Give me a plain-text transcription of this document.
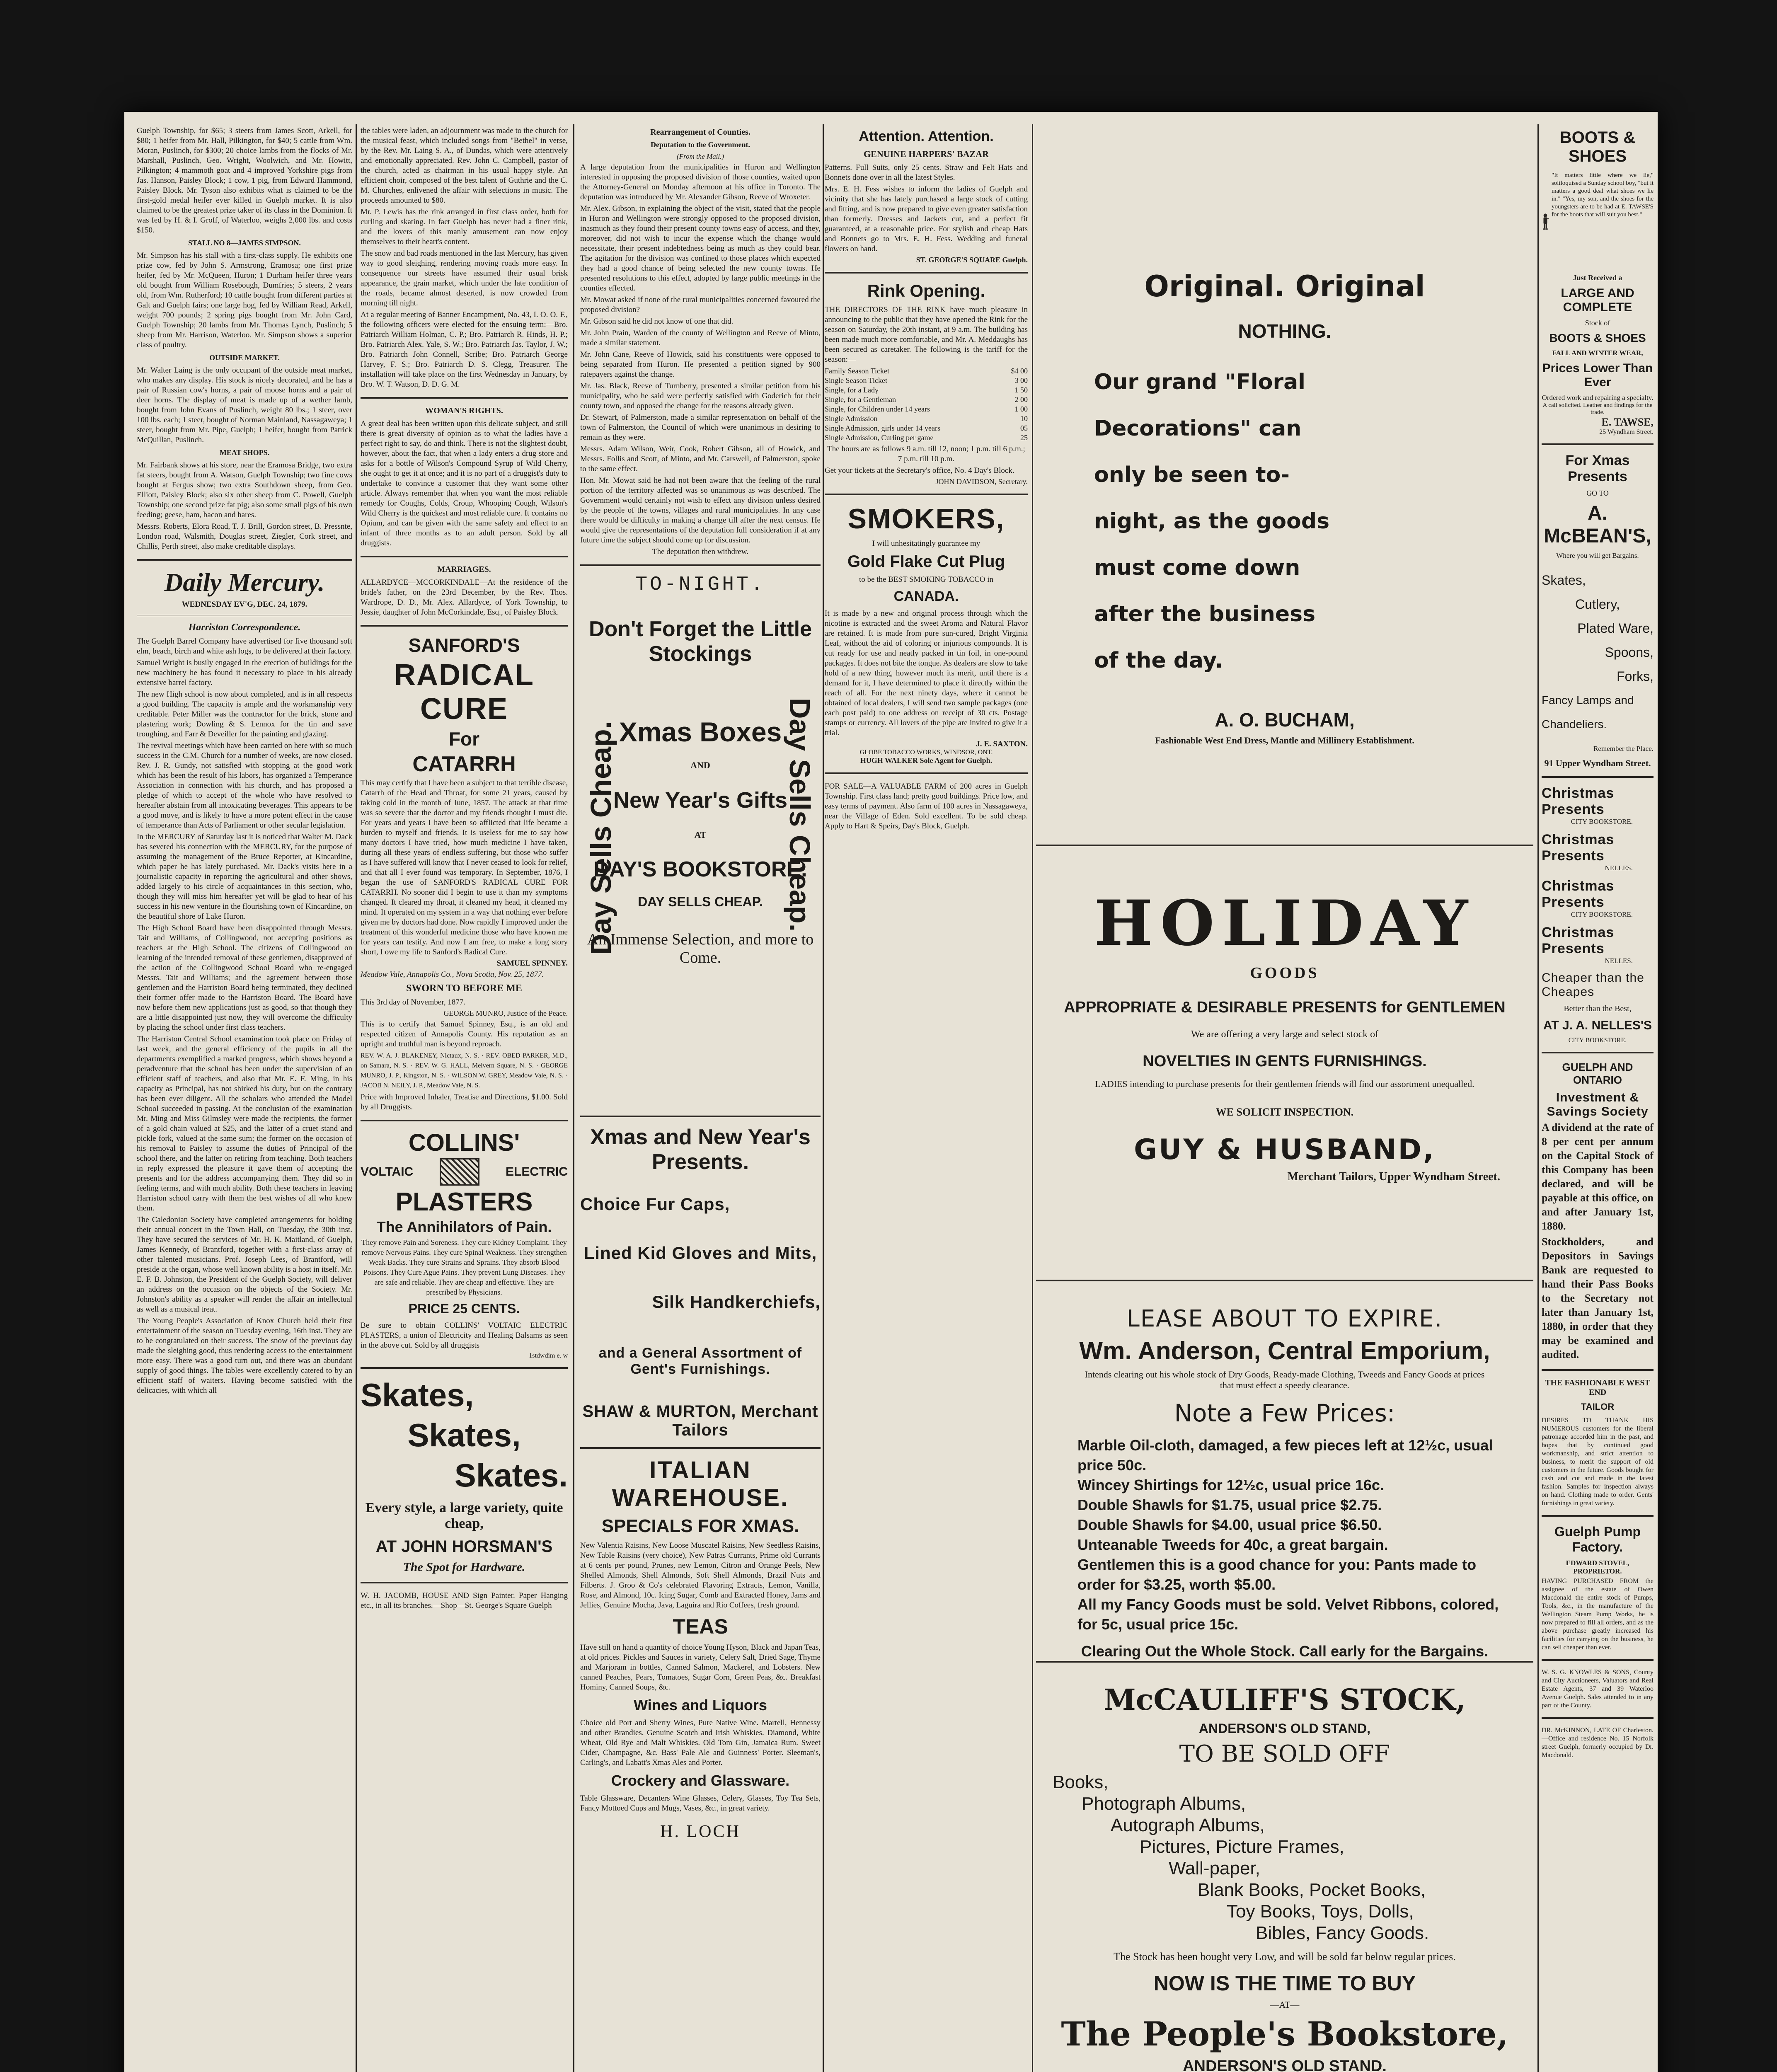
Guelph Township, for $65; 3 steers from James Scott, Arkell, for $80; 1 heifer from Mr. Hall, Pilkington, for $40; 5 cattle from Wm. Moran, Puslinch, for $300; 20 choice lambs from the flocks of Mr. Marshall, Puslinch, Geo. Wright, Woolwich, and Mr. Howitt, Pilkington; 4 mammoth goat and 4 improved Yorkshire pigs from Jas. Hanson, Paisley Block; 1 cow, 1 pig, from Edward Hammond, Paisley Block. Mr. Tyson also exhibits what is claimed to be the first-gold medal heifer ever killed in Guelph market. It is also claimed to be the greatest prize taker of its class in the Dominion. It was fed by H. & I. Groff, of Waterloo, weighs 2,000 lbs. and costs $150.

STALL NO 8—JAMES SIMPSON.

Mr. Simpson has his stall with a first-class supply. He exhibits one prize cow, fed by John S. Armstrong, Eramosa; one first prize heifer, fed by Mr. McQueen, Huron; 1 Durham heifer three years old bought from William Rosebough, Dumfries; 5 steers, 2 years old, from Wm. Rutherford; 10 cattle bought from different parties at Galt and Guelph fairs; one large hog, fed by William Read, Arkell, weight 700 pounds; 2 spring pigs bought from Mr. John Card, Guelph Township; 20 lambs from Mr. Thomas Lynch, Puslinch; 5 sheep from Mr. Harrison, Waterloo. Mr. Simpson shows a superior class of poultry.

OUTSIDE MARKET.

Mr. Walter Laing is the only occupant of the outside meat market, who makes any display. His stock is nicely decorated, and he has a pair of Russian cow's horns, a pair of moose horns and a pair of deer horns. The display of meat is made up of a wether lamb, bought from John Evans of Puslinch, weight 80 lbs.; 1 steer, over 100 lbs. each; 1 steer, bought of Norman Mainland, Nassagaweya; 1 steer, bought from Mr. Pipe, Guelph; 1 heifer, bought from Patrick McQuillan, Puslinch.

MEAT SHOPS.

Mr. Fairbank shows at his store, near the Eramosa Bridge, two extra fat steers, bought from A. Watson, Guelph Township; two fine cows bought at Fergus show; two extra Southdown sheep, from Geo. Elliott, Paisley Block; also six other sheep from C. Powell, Guelph Township; one second prize fat pig; also some small pigs of his own feeding; geese, ham, bacon and hares.

Messrs. Roberts, Elora Road, T. J. Brill, Gordon street, B. Pressnte, London road, Walsmith, Douglas street, Ziegler, Cork street, and Chillis, Perth street, also make creditable displays.

Daily Mercury.
WEDNESDAY EV'G, DEC. 24, 1879.
Harriston Correspondence.

The Guelph Barrel Company have advertised for five thousand soft elm, beach, birch and white ash logs, to be delivered at their factory.

Samuel Wright is busily engaged in the erection of buildings for the new machinery he has found it necessary to place in his already extensive barrel factory.

The new High school is now about completed, and is in all respects a good building. The capacity is ample and the workmanship very creditable. Peter Miller was the contractor for the brick, stone and plastering work; Dowling & S. Lennox for the tin and save troughing, and Farr & Deveiller for the painting and glazing.

The revival meetings which have been carried on here with so much success in the C.M. Church for a number of weeks, are now closed. Rev. J. R. Gundy, not satisfied with stopping at the good work which has been the result of his labors, has organized a Temperance Association in connection with his church, and has proposed a pledge of which to accept of the whole who have resolved to hereafter abstain from all intoxicating beverages. This appears to be a good move, and is likely to have a more potent effect in the cause of temperance than Acts of Parliament or other secular legislation.

In the MERCURY of Saturday last it is noticed that Walter M. Dack has severed his connection with the MERCURY, for the purpose of assuming the management of the Bruce Reporter, at Kincardine, which paper he has lately purchased. Mr. Dack's visits here in a journalistic capacity in reporting the agricultural and other shows, added largely to his circle of acquaintances in this section, who, though they will miss him hereafter yet will be glad to hear of his success in his new venture in the flourishing town of Kincardine, on the beautiful shore of Lake Huron.

The High School Board have been disappointed through Messrs. Tait and Williams, of Collingwood, not accepting positions as teachers at the High School. The citizens of Collingwood on learning of the intended removal of these gentlemen, disapproved of the action of the Collingwood School Board who re-engaged Messrs. Tait and Williams; and the agreement between those gentlemen and the Harriston Board being terminated, they declined their former offer made to the Harriston Board. The Board have now before them new applications just as good, so that though they are a little disappointed just now, they will overcome the difficulty by placing the school under first class teachers.

The Harriston Central School examination took place on Friday of last week, and the general efficiency of the pupils in all the departments exemplified a marked progress, which shows beyond a peradventure that the school has been under the supervision of an efficient staff of teachers, and also that Mr. E. F. Ming, in his capacity as Principal, has not shirked his duty, but on the contrary has been ever diligent. All the scholars who attended the Model School succeeded in passing. At the conclusion of the examination Mr. Ming and Miss Gilmsley were made the recipients, the former of a gold chain valued at $25, and the latter of a cruet stand and pickle fork, valued at the same sum; the former on the occasion of his removal to Paisley to assume the duties of Principal of the school there, and the latter on retiring from teaching. Both teachers in reply expressed the pleasure it gave them of accepting the presents and for the address accompanying them. They did so in feeling terms, and with much ability. Both these teachers in leaving Harriston school carry with them the best wishes of all who knew them.

The Caledonian Society have completed arrangements for holding their annual concert in the Town Hall, on Tuesday, the 30th inst. They have secured the services of Mr. H. K. Maitland, of Guelph, James Kennedy, of Brantford, together with a first-class array of other talented musicians. Prof. Joseph Lees, of Brantford, will preside at the organ, whose well known ability is a host in itself. Mr. E. F. B. Johnston, the President of the Guelph Society, will deliver an address on the occasion on the objects of the Society. Mr. Johnston's ability as a speaker will render the affair an intellectual as well as a musical treat.

The Young People's Association of Knox Church held their first entertainment of the season on Tuesday evening, 16th inst. They are to be congratulated on their success. The snow of the previous day made the sleighing good, thus rendering access to the entertainment more easy. There was a good turn out, and there was an abundant supply of good things. The tables were excellently catered to by an efficient staff of waiters. Having become satisfied with the delicacies, with which all

the tables were laden, an adjournment was made to the church for the musical feast, which included songs from "Bethel" in verse, by the Rev. Mr. Laing S. A., of Dundas, which were attentively and emotionally appreciated. Rev. John C. Campbell, pastor of the church, acted as chairman in his usual happy style. An efficient choir, composed of the best talent of Guthrie and the C. M. Churches, enlivened the affair with selections in music. The proceeds amounted to $80.

Mr. P. Lewis has the rink arranged in first class order, both for curling and skating. In fact Guelph has never had a finer rink, and the lovers of this manly amusement can now enjoy themselves to their heart's content.

The snow and bad roads mentioned in the last Mercury, has given way to good sleighing, rendering moving roads more easy. In consequence our streets have assumed their usual brisk appearance, the grain market, which under the late condition of the roads, became almost deserted, is now crowded from morning till night.

At a regular meeting of Banner Encampment, No. 43, I. O. O. F., the following officers were elected for the ensuing term:—Bro. Patriarch William Holman, C. P.; Bro. Patriarch R. Hinds, H. P.; Bro. Patriarch Alex. Yale, S. W.; Bro. Patriarch Jas. Taylor, J. W.; Bro. Patriarch John Connell, Scribe; Bro. Patriarch George Harvey, F. S.; Bro. Patriarch D. S. Clegg, Treasurer. The installation will take place on the first Wednesday in January, by Bro. W. T. Watson, D. D. G. M.

WOMAN'S RIGHTS.

A great deal has been written upon this delicate subject, and still there is great diversity of opinion as to what the ladies have a perfect right to say, do and think. There is not the slightest doubt, however, about the fact, that when a lady enters a drug store and asks for a bottle of Wilson's Compound Syrup of Wild Cherry, she ought to get it at once; and it is no part of a druggist's duty to undertake to convince a customer that they want some other article. Always remember that when you want the most reliable remedy for Coughs, Colds, Croup, Whooping Cough, Wilson's Wild Cherry is the quickest and most reliable cure. It contains no Opium, and can be given with the same safety and effect to an infant of three months as to an adult person. Sold by all druggists.

MARRIAGES.

ALLARDYCE—MCCORKINDALE—At the residence of the bride's father, on the 23rd December, by the Rev. Thos. Wardrope, D. D., Mr. Alex. Allardyce, of York Township, to Jessie, daughter of John McCorkindale, Esq., of Paisley Block.

SANFORD'S
RADICAL CURE
For
CATARRH

This may certify that I have been a subject to that terrible disease, Catarrh of the Head and Throat, for some 21 years, caused by taking cold in the month of June, 1857. The attack at that time was so severe that the doctor and my friends thought I must die. For years and years I have been so afflicted that life became a burden to myself and friends. It is useless for me to say how many doctors I have tried, how much medicine I have taken, during all these years of endless suffering, but those who suffer as I have suffered will know that I never ceased to look for relief, and that all I ever found was temporary. In September, 1876, I began the use of SANFORD'S RADICAL CURE FOR CATARRH. No sooner did I begin to use it than my symptoms changed. It cleared my throat, it cleaned my head, it cleaned my mind. It operated on my system in a way that nothing ever before given me by doctors had done. Now rapidly I improved under the treatment of this wonderful medicine those who have known me for years can testify. And now I am free, to make a long story short, I owe my life to Sanford's Radical Cure.

SAMUEL SPINNEY.

Meadow Vale, Annapolis Co., Nova Scotia, Nov. 25, 1877.

SWORN TO BEFORE ME

This 3rd day of November, 1877.

GEORGE MUNRO, Justice of the Peace.

This is to certify that Samuel Spinney, Esq., is an old and respected citizen of Annapolis County. His reputation as an upright and truthful man is beyond reproach.

REV. W. A. J. BLAKENEY, Nictaux, N. S. · REV. OBED PARKER, M.D., on Samara, N. S. · REV. W. G. HALL, Melvern Square, N. S. · GEORGE MUNRO, J. P., Kingston, N. S. · WILSON W. GREY, Meadow Vale, N. S. · JACOB N. NEILY, J. P., Meadow Vale, N. S.

Price with Improved Inhaler, Treatise and Directions, $1.00. Sold by all Druggists.

COLLINS'
VOLTAIC	ELECTRIC
PLASTERS
The Annihilators of Pain.

They remove Pain and Soreness. They cure Kidney Complaint. They remove Nervous Pains. They cure Spinal Weakness. They strengthen Weak Backs. They cure Strains and Sprains. They absorb Blood Poisons. They Cure Ague Pains. They prevent Lung Diseases. They are safe and reliable. They are cheap and effective. They are prescribed by Physicians.

PRICE 25 CENTS.

Be sure to obtain COLLINS' VOLTAIC ELECTRIC PLASTERS, a union of Electricity and Healing Balsams as seen in the above cut. Sold by all druggists

1stdwdim e. w
Skates,
Skates,
Skates.
Every style, a large variety, quite cheap,
AT JOHN HORSMAN'S
The Spot for Hardware.

W. H. JACOMB, HOUSE AND Sign Painter. Paper Hanging etc., in all its branches.—Shop—St. George's Square Guelph

Rearrangement of Counties.
Deputation to the Government.
(From the Mail.)

A large deputation from the municipalities in Huron and Wellington interested in opposing the proposed division of those counties, waited upon the Attorney-General on Monday afternoon at his office in Toronto. The deputation was introduced by Mr. Alexander Gibson, Reeve of Wroxeter.

Mr. Alex. Gibson, in explaining the object of the visit, stated that the people in Huron and Wellington were strongly opposed to the proposed division, inasmuch as they found their present county towns easy of access, and they, moreover, did not wish to incur the expense which the change would necessitate, their present indebtedness being as much as they could bear. The agitation for the division was confined to those places which expected they had a good chance of being selected the new county towns. He presented resolutions to this effect, adopted by large public meetings in the counties effected.

Mr. Mowat asked if none of the rural municipalities concerned favoured the proposed division?

Mr. Gibson said he did not know of one that did.

Mr. John Prain, Warden of the county of Wellington and Reeve of Minto, made a similar statement.

Mr. John Cane, Reeve of Howick, said his constituents were opposed to being separated from Huron. He presented a petition signed by 900 ratepayers against the change.

Mr. Jas. Black, Reeve of Turnberry, presented a similar petition from his municipality, who he said were perfectly satisfied with Goderich for their county town, and opposed the change for the reasons already given.

Dr. Stewart, of Palmerston, made a similar representation on behalf of the town of Palmerston, the Council of which were unanimous in desiring to remain as they were.

Messrs. Adam Wilson, Weir, Cook, Robert Gibson, all of Howick, and Messrs. Follis and Scott, of Minto, and Mr. Carswell, of Palmerston, spoke to the same effect.

Hon. Mr. Mowat said he had not been aware that the feeling of the rural portion of the territory affected was so unanimous as was described. The Government would certainly not wish to effect any division unless desired by the people of the towns, villages and rural municipalities. In any case there would be difficulty in making a change till after the next census. He would give the representations of the deputation full consideration if at any future time the subject should come up for discussion.

The deputation then withdrew.

TO-NIGHT.
Don't Forget the Little Stockings
Day Sells Cheap.	Day Sells Cheap.
Xmas Boxes
AND
New Year's Gifts
AT
DAY'S BOOKSTORE.
DAY SELLS CHEAP.
An Immense Selection, and more to Come.
Xmas and New Year's Presents.
Choice Fur Caps,
Lined Kid Gloves and Mits,
Silk Handkerchiefs,
and a General Assortment of Gent's Furnishings.
SHAW & MURTON, Merchant Tailors
ITALIAN WAREHOUSE.
SPECIALS FOR XMAS.

New Valentia Raisins, New Loose Muscatel Raisins, New Seedless Raisins, New Table Raisins (very choice), New Patras Currants, Prime old Currants at 6 cents per pound, Prunes, new Lemon, Citron and Orange Peels, New Shelled Almonds, Shell Almonds, Soft Shell Almonds, Brazil Nuts and Filberts. J. Groo & Co's celebrated Flavoring Extracts, Lemon, Vanilla, Rose, and Almond, 10c. Icing Sugar, Comb and Extracted Honey, Jams and Jellies, Genuine Mocha, Java, Laguira and Rio Coffees, fresh ground.

TEAS

Have still on hand a quantity of choice Young Hyson, Black and Japan Teas, at old prices. Pickles and Sauces in variety, Celery Salt, Dried Sage, Thyme and Marjoram in bottles, Canned Salmon, Mackerel, and Lobsters. New canned Peaches, Pears, Tomatoes, Sugar Corn, Green Peas, &c. Breakfast Hominy, Canned Soups, &c.

Wines and Liquors

Choice old Port and Sherry Wines, Pure Native Wine. Martell, Hennessy and other Brandies. Genuine Scotch and Irish Whiskies. Diamond, White Wheat, Old Rye and Malt Whiskies. Old Tom Gin, Jamaica Rum. Sweet Cider, Champagne, &c. Bass' Pale Ale and Guinness' Porter. Sleeman's, Carling's, and Labatt's Xmas Ales and Porter.

Crockery and Glassware.

Table Glassware, Decanters Wine Glasses, Celery, Glasses, Toy Tea Sets, Fancy Mottoed Cups and Mugs, Vases, &c., in great variety.

H. LOCH
Attention. Attention.
GENUINE HARPERS' BAZAR

Patterns. Full Suits, only 25 cents. Straw and Felt Hats and Bonnets done over in all the latest Styles.

Mrs. E. H. Fess wishes to inform the ladies of Guelph and vicinity that she has lately purchased a large stock of cutting and fitting, and is now prepared to give even greater satisfaction than formerly. Dresses and Jackets cut, and a perfect fit guaranteed, at a reasonable price. For stylish and cheap Hats and Bonnets go to Mrs. E. H. Fess. Wedding and funeral flowers on hand.

ST. GEORGE'S SQUARE Guelph.
Rink Opening.

THE DIRECTORS OF THE RINK have much pleasure in announcing to the public that they have opened the Rink for the season on Saturday, the 20th instant, at 9 a.m. The building has been made much more comfortable, and Mr. A. Meddaughs has been secured as caretaker. The following is the tariff for the season:—

Family Season Ticket	$4 00
Single Season Ticket	3 00
Single, for a Lady	1 50
Single, for a Gentleman	2 00
Single, for Children under 14 years	1 00
Single Admission	10
Single Admission, girls under 14 years	05
Single Admission, Curling per game	25

The hours are as follows 9 a.m. till 12, noon; 1 p.m. till 6 p.m.; 7 p.m. till 10 p.m.

Get your tickets at the Secretary's office, No. 4 Day's Block.

JOHN DAVIDSON, Secretary.
SMOKERS,
I will unhesitatingly guarantee my
Gold Flake Cut Plug
to be the BEST SMOKING TOBACCO in
CANADA.

It is made by a new and original process through which the nicotine is extracted and the sweet Aroma and Natural Flavor are retained. It is made from pure sun-cured, Bright Virginia Leaf, without the aid of coloring or injurious compounds. It is cut ready for use and neatly packed in tin foil, in one-pound packages. It does not bite the tongue. As dealers are slow to take hold of a new thing, however much its merit, until there is a demand for it, I have determined to place it directly within the reach of all. For the next ninety days, where it cannot be obtained of local dealers, I will send two sample packages (one each post paid) to one address on receipt of 30 cts. Postage stamps or currency. All lovers of the pipe are invited to give it a trial.

J. E. SAXTON.
GLOBE TOBACCO WORKS, WINDSOR, ONT.
HUGH WALKER Sole Agent for Guelph.

FOR SALE—A VALUABLE FARM of 200 acres in Guelph Township. First class land; pretty good buildings. Price low, and easy terms of payment. Also farm of 100 acres in Nassagaweya, near the Village of Eden. Sold excellent. To be sold cheap. Apply to Hart & Speirs, Day's Block, Guelph.

Original. Original
NOTHING.
Our grand "Floral
Decorations" can
only be seen to-
night, as the goods
must come down
after the business
of the day.
A. O. BUCHAM,
Fashionable West End Dress, Mantle and Millinery Establishment.
HOLIDAY
GOODS
APPROPRIATE & DESIRABLE PRESENTS for GENTLEMEN
We are offering a very large and select stock of
NOVELTIES IN GENTS FURNISHINGS.
LADIES intending to purchase presents for their gentlemen friends will find our assortment unequalled.
WE SOLICIT INSPECTION.
GUY & HUSBAND,
Merchant Tailors, Upper Wyndham Street.
LEASE ABOUT TO EXPIRE.
Wm. Anderson, Central Emporium,
Intends clearing out his whole stock of Dry Goods, Ready-made Clothing, Tweeds and Fancy Goods at prices that must effect a speedy clearance.
Note a Few Prices:
Marble Oil-cloth, damaged, a few pieces left at 12½c, usual price 50c.
Wincey Shirtings for 12½c, usual price 16c.
Double Shawls for $1.75, usual price $2.75.
Double Shawls for $4.00, usual price $6.50.
Unteanable Tweeds for 40c, a great bargain.
Gentlemen this is a good chance for you: Pants made to order for $3.25, worth $5.00.
All my Fancy Goods must be sold. Velvet Ribbons, colored, for 5c, usual price 15c.
Clearing Out the Whole Stock. Call early for the Bargains.
McCAULIFF'S STOCK,
ANDERSON'S OLD STAND,
TO BE SOLD OFF
Books,
Photograph Albums,
Autograph Albums,
Pictures, Picture Frames,
Wall-paper,
Blank Books, Pocket Books,
Toy Books, Toys, Dolls,
Bibles, Fancy Goods.
The Stock has been bought very Low, and will be sold far below regular prices.
NOW IS THE TIME TO BUY
—AT—
The People's Bookstore,
ANDERSON'S OLD STAND.
BOOTS & SHOES

"It matters little where we lie," soliloquised a Sunday school boy, "but it matters a good deal what shoes we lie in." "Yes, my son, and the shoes for the youngsters are to be had at E. TAWSE'S for the boots that will suit you best."

Just Received a
LARGE AND COMPLETE
Stock of
BOOTS & SHOES
FALL AND WINTER WEAR,
Prices Lower Than Ever
Ordered work and repairing a specialty.
A call solicited. Leather and findings for the trade.
E. TAWSE,
25 Wyndham Street.
For Xmas Presents
GO TO
A. McBEAN'S,
Where you will get Bargains.
Skates,
Cutlery,
Plated Ware,
Spoons,
Forks,
Fancy Lamps and Chandeliers.
Remember the Place.
91 Upper Wyndham Street.
Christmas Presents
CITY BOOKSTORE.
Christmas Presents
NELLES.
Christmas Presents
CITY BOOKSTORE.
Christmas Presents
NELLES.
Cheaper than the Cheapes
Better than the Best,
AT J. A. NELLES'S
CITY BOOKSTORE.
GUELPH AND ONTARIO
Investment & Savings Society

A dividend at the rate of 8 per cent per annum on the Capital Stock of this Company has been declared, and will be payable at this office, on and after January 1st, 1880.

Stockholders, and Depositors in Savings Bank are requested to hand their Pass Books to the Secretary not later than January 1st, 1880, in order that they may be examined and audited.

THE FASHIONABLE WEST END
TAILOR

DESIRES TO THANK HIS NUMEROUS customers for the liberal patronage accorded him in the past, and hopes that by continued good workmanship, and strict attention to business, to merit the support of old customers in the future. Goods bought for cash and cut and made in the latest fashion. Samples for inspection always on hand. Clothing made to order. Gents' furnishings in great variety.

Guelph Pump Factory.
EDWARD STOVEL, PROPRIETOR.

HAVING PURCHASED FROM the assignee of the estate of Owen Macdonald the entire stock of Pumps, Tools, &c., in the manufacture of the Wellington Steam Pump Works, he is now prepared to fill all orders, and as the above purchase greatly increased his facilities for carrying on the business, he can sell cheaper than ever.

W. S. G. KNOWLES & SONS, County and City Auctioneers, Valuators and Real Estate Agents, 37 and 39 Waterloo Avenue Guelph. Sales attended to in any part of the County.

DR. McKINNON, LATE OF Charleston.—Office and residence No. 15 Norfolk street Guelph, formerly occupied by Dr. Macdonald.
